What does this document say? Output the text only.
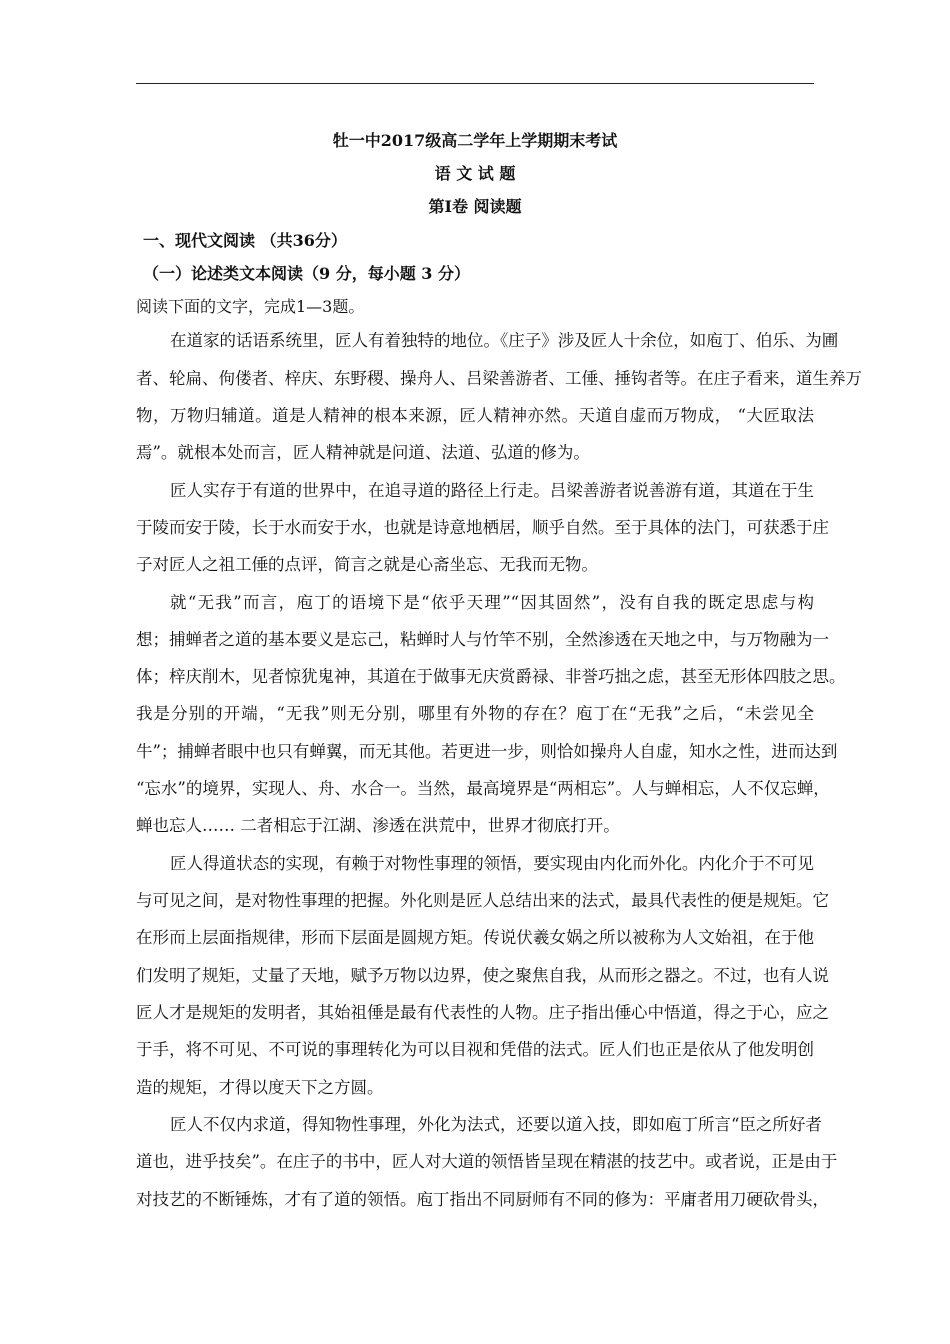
牡一中2017级高二学年上学期期末考试
语 文 试 题
第I卷 阅读题
一、现代文阅读 （共36分）
（一）论述类文本阅读（9 分，每小题 3 分）
阅读下面的文字，完成1—3题。
在道家的话语系统里，匠人有着独特的地位。《庄子》涉及匠人十余位，如庖丁、伯乐、为圃
者、轮扁、佝偻者、梓庆、东野稷、操舟人、吕梁善游者、工倕、捶钩者等。在庄子看来，道生养万
物，万物归辅道。道是人精神的根本来源，匠人精神亦然。天道自虚而万物成， “大匠取法
焉”。就根本处而言，匠人精神就是问道、法道、弘道的修为。
匠人实存于有道的世界中，在追寻道的路径上行走。吕梁善游者说善游有道，其道在于生
于陵而安于陵，长于水而安于水，也就是诗意地栖居，顺乎自然。至于具体的法门，可获悉于庄
子对匠人之祖工倕的点评，简言之就是心斋坐忘、无我而无物。
就“无我”而言，庖丁的语境下是“依乎天理”“因其固然”，没有自我的既定思虑与构
想；捕蝉者之道的基本要义是忘己，粘蝉时人与竹竿不别，全然渗透在天地之中，与万物融为一
体；梓庆削木，见者惊犹鬼神，其道在于做事无庆赏爵禄、非誉巧拙之虑，甚至无形体四肢之思。
我是分别的开端，“无我”则无分别，哪里有外物的存在？庖丁在“无我”之后，“未尝见全
牛”；捕蝉者眼中也只有蝉翼，而无其他。若更进一步，则恰如操舟人自虚，知水之性，进而达到
“忘水”的境界，实现人、舟、水合一。当然，最高境界是“两相忘”。人与蝉相忘，人不仅忘蝉，
蝉也忘人…… 二者相忘于江湖、渗透在洪荒中，世界才彻底打开。
匠人得道状态的实现，有赖于对物性事理的领悟，要实现由内化而外化。内化介于不可见
与可见之间，是对物性事理的把握。外化则是匠人总结出来的法式，最具代表性的便是规矩。它
在形而上层面指规律，形而下层面是圆规方矩。传说伏羲女娲之所以被称为人文始祖，在于他
们发明了规矩，丈量了天地，赋予万物以边界，使之聚焦自我，从而形之器之。不过，也有人说
匠人才是规矩的发明者，其始祖倕是最有代表性的人物。庄子指出倕心中悟道，得之于心，应之
于手，将不可见、不可说的事理转化为可以目视和凭借的法式。匠人们也正是依从了他发明创
造的规矩，才得以度天下之方圆。
匠人不仅内求道，得知物性事理，外化为法式，还要以道入技，即如庖丁所言“臣之所好者
道也，进乎技矣”。在庄子的书中，匠人对大道的领悟皆呈现在精湛的技艺中。或者说，正是由于
对技艺的不断锤炼，才有了道的领悟。庖丁指出不同厨师有不同的修为：平庸者用刀硬砍骨头，
